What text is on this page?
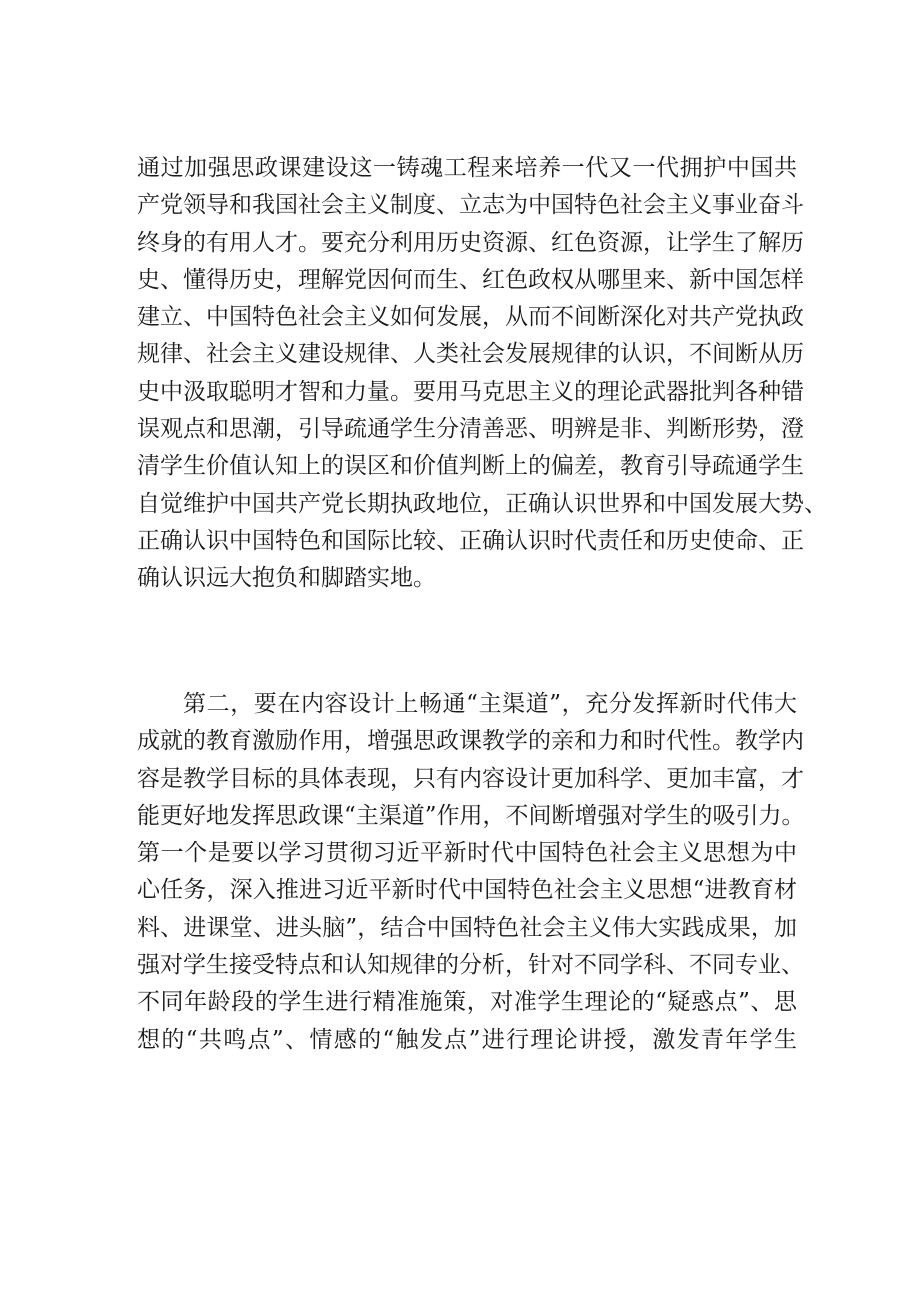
通过加强思政课建设这一铸魂工程来培养一代又一代拥护中国共
产党领导和我国社会主义制度、立志为中国特色社会主义事业奋斗
终身的有用人才。要充分利用历史资源、红色资源，让学生了解历
史、懂得历史，理解党因何而生、红色政权从哪里来、新中国怎样
建立、中国特色社会主义如何发展，从而不间断深化对共产党执政
规律、社会主义建设规律、人类社会发展规律的认识，不间断从历
史中汲取聪明才智和力量。要用马克思主义的理论武器批判各种错
误观点和思潮，引导疏通学生分清善恶、明辨是非、判断形势，澄
清学生价值认知上的误区和价值判断上的偏差，教育引导疏通学生
自觉维护中国共产党长期执政地位，正确认识世界和中国发展大势、
正确认识中国特色和国际比较、正确认识时代责任和历史使命、正
确认识远大抱负和脚踏实地。
第二，要在内容设计上畅通“主渠道”，充分发挥新时代伟大
成就的教育激励作用，增强思政课教学的亲和力和时代性。教学内
容是教学目标的具体表现，只有内容设计更加科学、更加丰富，才
能更好地发挥思政课“主渠道”作用，不间断增强对学生的吸引力。
第一个是要以学习贯彻习近平新时代中国特色社会主义思想为中
心任务，深入推进习近平新时代中国特色社会主义思想“进教育材
料、进课堂、进头脑”，结合中国特色社会主义伟大实践成果，加
强对学生接受特点和认知规律的分析，针对不同学科、不同专业、
不同年龄段的学生进行精准施策，对准学生理论的“疑惑点”、思
想的“共鸣点”、情感的“触发点”进行理论讲授，激发青年学生
